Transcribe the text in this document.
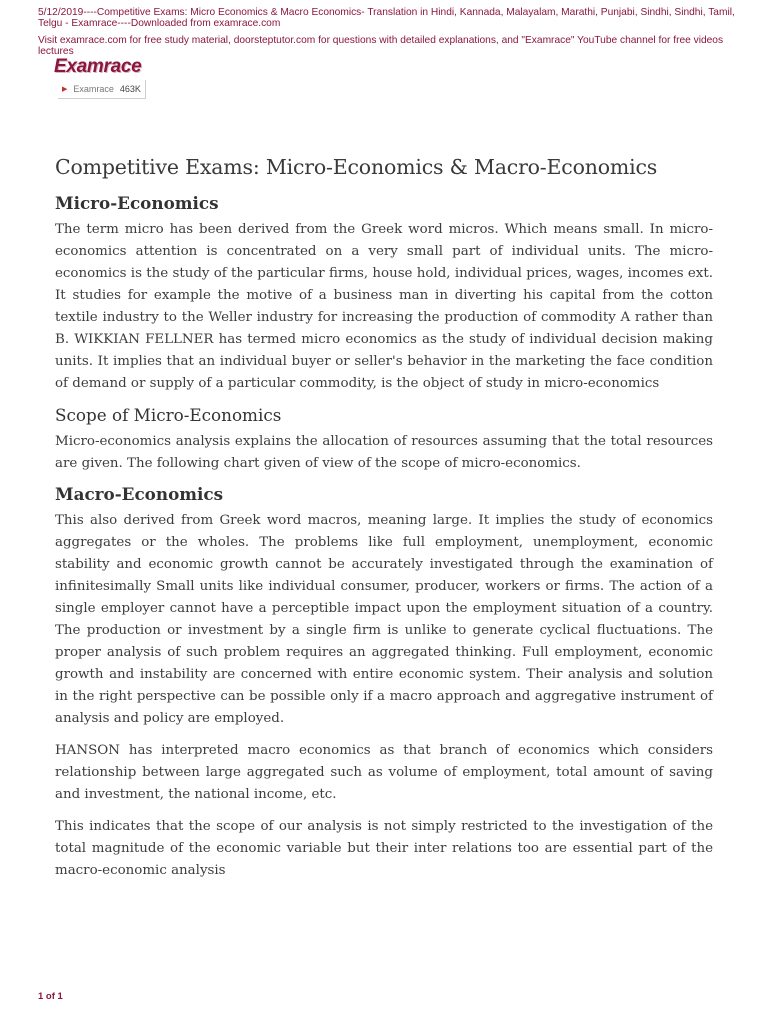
5/12/2019----Competitive Exams: Micro Economics & Macro Economics- Translation in Hindi, Kannada, Malayalam, Marathi, Punjabi, Sindhi, Sindhi, Tamil, Telgu - Examrace----Downloaded from examrace.com

Visit examrace.com for free study material, doorsteptutor.com for questions with detailed explanations, and "Examrace" YouTube channel for free videos lectures

Examrace
▶ Examrace 463K
Competitive Exams: Micro-Economics & Macro-Economics
Micro-Economics

The term micro has been derived from the Greek word micros. Which means small. In micro-economics attention is concentrated on a very small part of individual units. The micro-economics is the study of the particular firms, house hold, individual prices, wages, incomes ext. It studies for example the motive of a business man in diverting his capital from the cotton textile industry to the Weller industry for increasing the production of commodity A rather than B. WIKKIAN FELLNER has termed micro economics as the study of individual decision making units. It implies that an individual buyer or seller's behavior in the marketing the face condition of demand or supply of a particular commodity, is the object of study in micro-economics

Scope of Micro-Economics

Micro-economics analysis explains the allocation of resources assuming that the total resources are given. The following chart given of view of the scope of micro-economics.

Macro-Economics

This also derived from Greek word macros, meaning large. It implies the study of economics aggregates or the wholes. The problems like full employment, unemployment, economic stability and economic growth cannot be accurately investigated through the examination of infinitesimally Small units like individual consumer, producer, workers or firms. The action of a single employer cannot have a perceptible impact upon the employment situation of a country. The production or investment by a single firm is unlike to generate cyclical fluctuations. The proper analysis of such problem requires an aggregated thinking. Full employment, economic growth and instability are concerned with entire economic system. Their analysis and solution in the right perspective can be possible only if a macro approach and aggregative instrument of analysis and policy are employed.

HANSON has interpreted macro economics as that branch of economics which considers relationship between large aggregated such as volume of employment, total amount of saving and investment, the national income, etc.

This indicates that the scope of our analysis is not simply restricted to the investigation of the total magnitude of the economic variable but their inter relations too are essential part of the macro-economic analysis

1 of 1
